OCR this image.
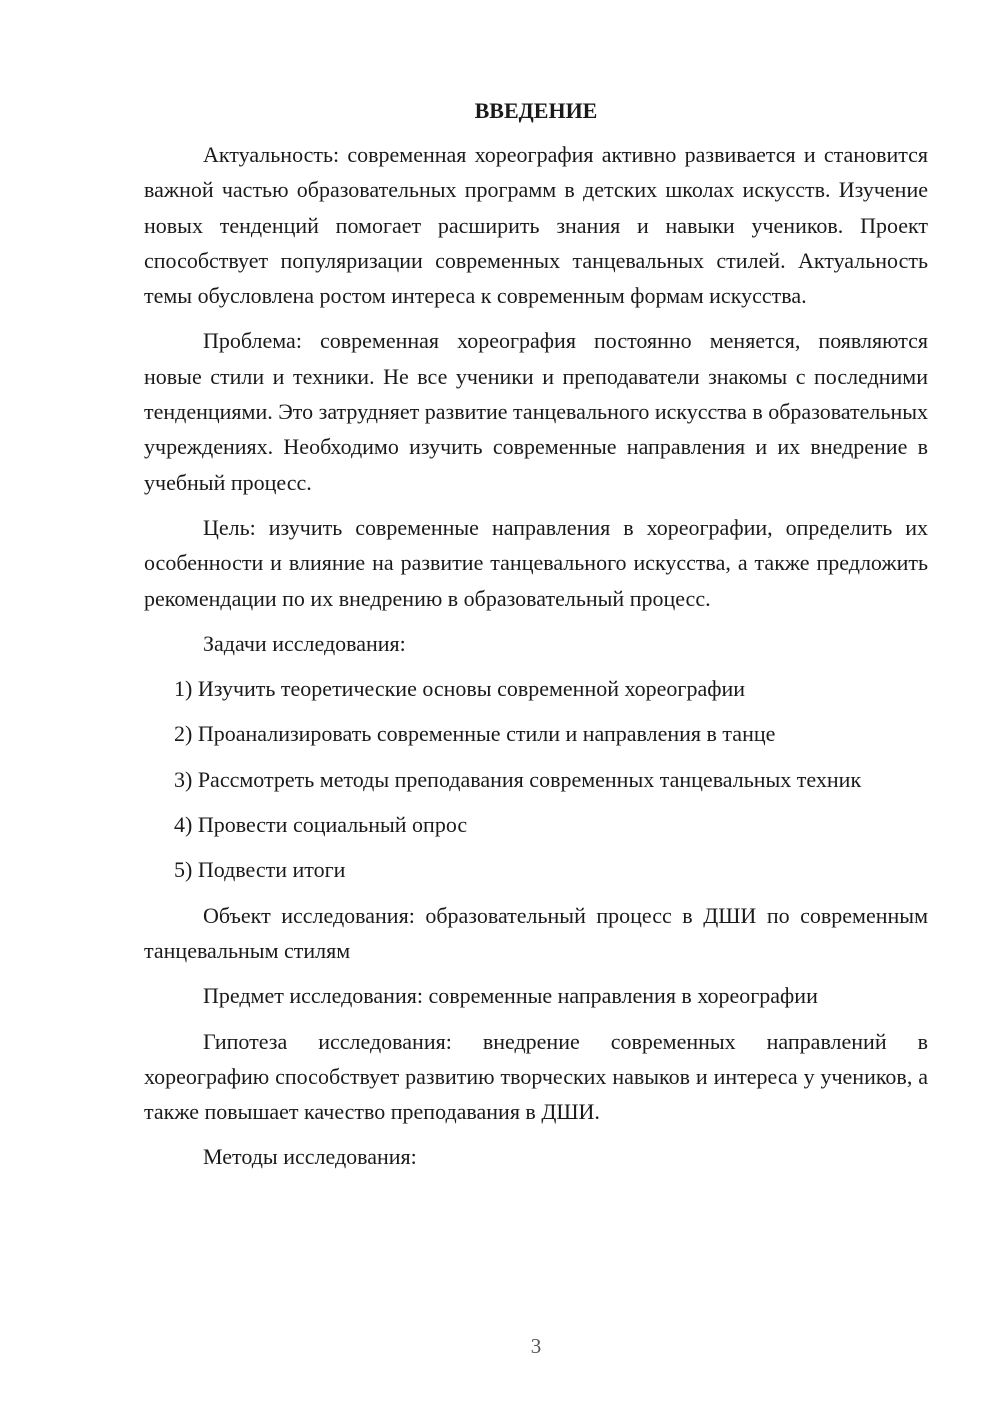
ВВЕДЕНИЕ

Актуальность: современная хореография активно развивается и становится важной частью образовательных программ в детских школах искусств. Изучение новых тенденций помогает расширить знания и навыки учеников. Проект способствует популяризации современных танцевальных стилей. Актуальность темы обусловлена ростом интереса к современным формам искусства.

Проблема: современная хореография постоянно меняется, появляются новые стили и техники. Не все ученики и преподаватели знакомы с последними тенденциями. Это затрудняет развитие танцевального искусства в образовательных учреждениях. Необходимо изучить современные направления и их внедрение в учебный процесс.

Цель: изучить современные направления в хореографии, определить их особенности и влияние на развитие танцевального искусства, а также предложить рекомендации по их внедрению в образовательный процесс.

Задачи исследования:

1) Изучить теоретические основы современной хореографии

2) Проанализировать современные стили и направления в танце

3) Рассмотреть методы преподавания современных танцевальных техник

4) Провести социальный опрос

5) Подвести итоги

Объект исследования: образовательный процесс в ДШИ по современным танцевальным стилям

Предмет исследования: современные направления в хореографии

Гипотеза исследования: внедрение современных направлений в хореографию способствует развитию творческих навыков и интереса у учеников, а также повышает качество преподавания в ДШИ.

Методы исследования:

3
